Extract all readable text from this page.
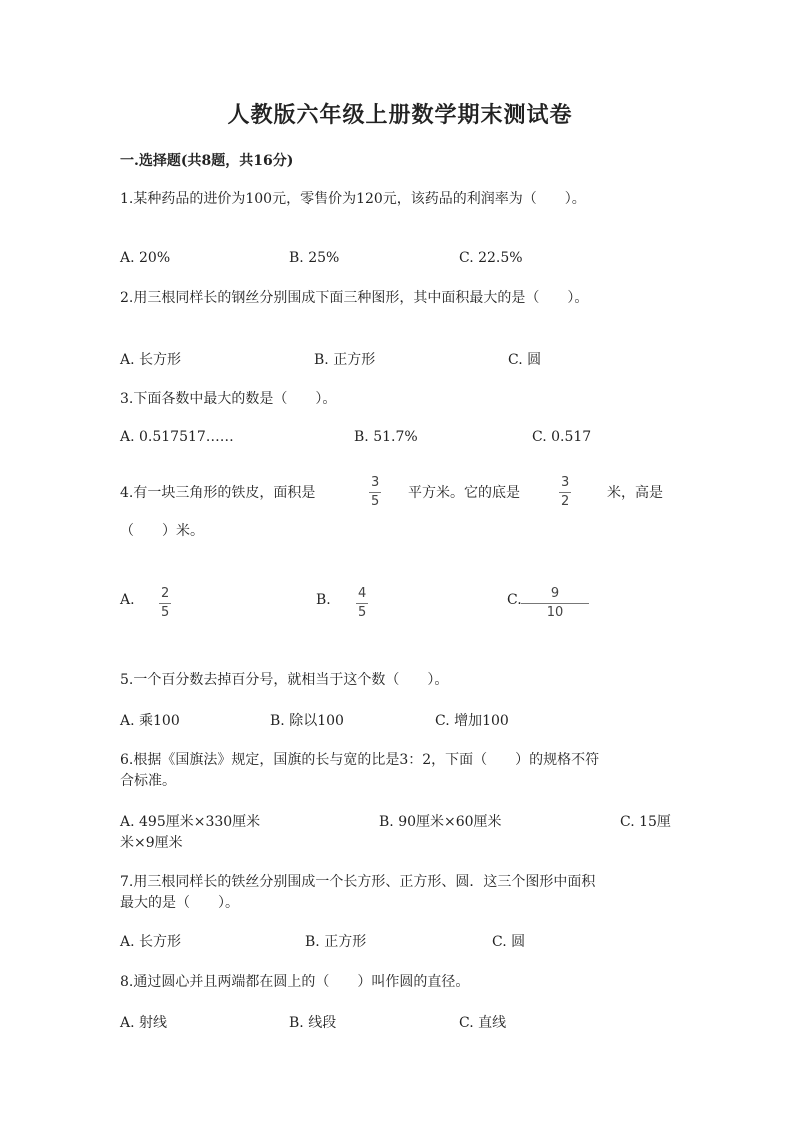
人教版六年级上册数学期末测试卷
一.选择题(共8题，共16分)
1.某种药品的进价为100元，零售价为120元，该药品的利润率为（　　）。
A. 20%	B. 25%	C. 22.5%
2.用三根同样长的钢丝分别围成下面三种图形，其中面积最大的是（　　）。
A. 长方形	B. 正方形	C. 圆
3.下面各数中最大的数是（　　）。
A. 0.517517……	B. 51.7%	C. 0.517
4.有一块三角形的铁皮，面积是
3
5
平方米。它的底是
3
2
米，高是
（　　）米。
A. 2
5
B. 4
5
C. 9
10
5.一个百分数去掉百分号，就相当于这个数（　　）。
A. 乘100	B. 除以100	C. 增加100
6.根据《国旗法》规定，国旗的长与宽的比是3：2，下面（　　）的规格不符
合标准。
A. 495厘米×330厘米	B. 90厘米×60厘米	C. 15厘
米×9厘米
7.用三根同样长的铁丝分别围成一个长方形、正方形、圆．这三个图形中面积
最大的是（　　）。
A. 长方形	B. 正方形	C. 圆
8.通过圆心并且两端都在圆上的（　　）叫作圆的直径。
A. 射线	B. 线段	C. 直线
